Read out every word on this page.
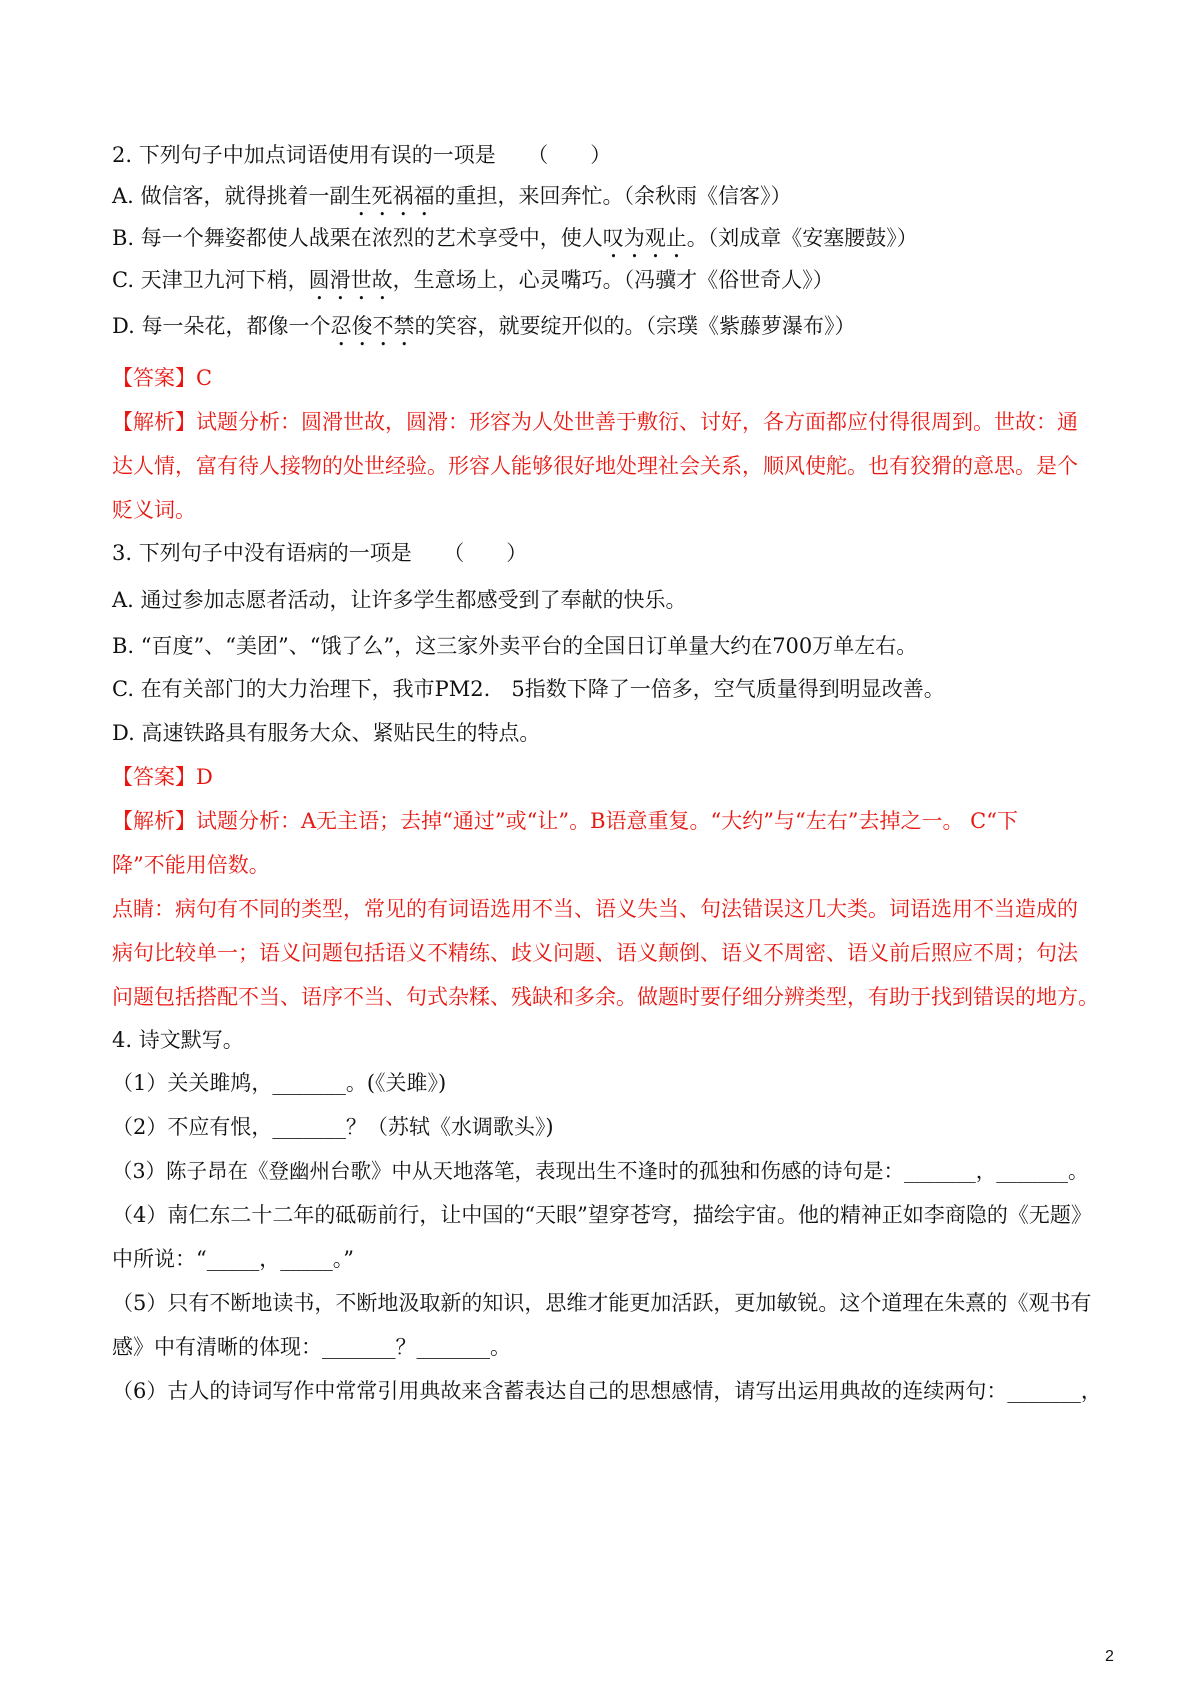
2. 下列句子中加点词语使用有误的一项是　　（　　）
A. 做信客，就得挑着一副生死祸福的重担，来回奔忙。（余秋雨《信客》）
B. 每一个舞姿都使人战栗在浓烈的艺术享受中，使人叹为观止。（刘成章《安塞腰鼓》）
C. 天津卫九河下梢，圆滑世故，生意场上，心灵嘴巧。（冯骥才《俗世奇人》）
D. 每一朵花，都像一个忍俊不禁的笑容，就要绽开似的。（宗璞《紫藤萝瀑布》）
【答案】C
【解析】试题分析：圆滑世故，圆滑：形容为人处世善于敷衍、讨好，各方面都应付得很周到。世故：通
达人情，富有待人接物的处世经验。形容人能够很好地处理社会关系，顺风使舵。也有狡猾的意思。是个
贬义词。
3. 下列句子中没有语病的一项是　　（　　）
A. 通过参加志愿者活动，让许多学生都感受到了奉献的快乐。
B. “百度”、“美团”、“饿了么”，这三家外卖平台的全国日订单量大约在700万单左右。
C. 在有关部门的大力治理下，我市PM2.　5指数下降了一倍多，空气质量得到明显改善。
D. 高速铁路具有服务大众、紧贴民生的特点。
【答案】D
【解析】试题分析：A无主语；去掉“通过”或“让”。B语意重复。“大约”与“左右”去掉之一。 C“下
降”不能用倍数。
点睛：病句有不同的类型，常见的有词语选用不当、语义失当、句法错误这几大类。词语选用不当造成的
病句比较单一；语义问题包括语义不精练、歧义问题、语义颠倒、语义不周密、语义前后照应不周；句法
问题包括搭配不当、语序不当、句式杂糅、残缺和多余。做题时要仔细分辨类型，有助于找到错误的地方。
4. 诗文默写。
（1）关关雎鸠，_______。(《关雎》)
（2）不应有恨，_______？（苏轼《水调歌头》)
（3）陈子昂在《登幽州台歌》中从天地落笔，表现出生不逢时的孤独和伤感的诗句是：_______，_______。
（4）南仁东二十二年的砥砺前行，让中国的“天眼”望穿苍穹，描绘宇宙。他的精神正如李商隐的《无题》
中所说：“_____，_____。”
（5）只有不断地读书，不断地汲取新的知识，思维才能更加活跃，更加敏锐。这个道理在朱熹的《观书有
感》中有清晰的体现：_______？_______。
（6）古人的诗词写作中常常引用典故来含蓄表达自己的思想感情，请写出运用典故的连续两句：_______，
2
